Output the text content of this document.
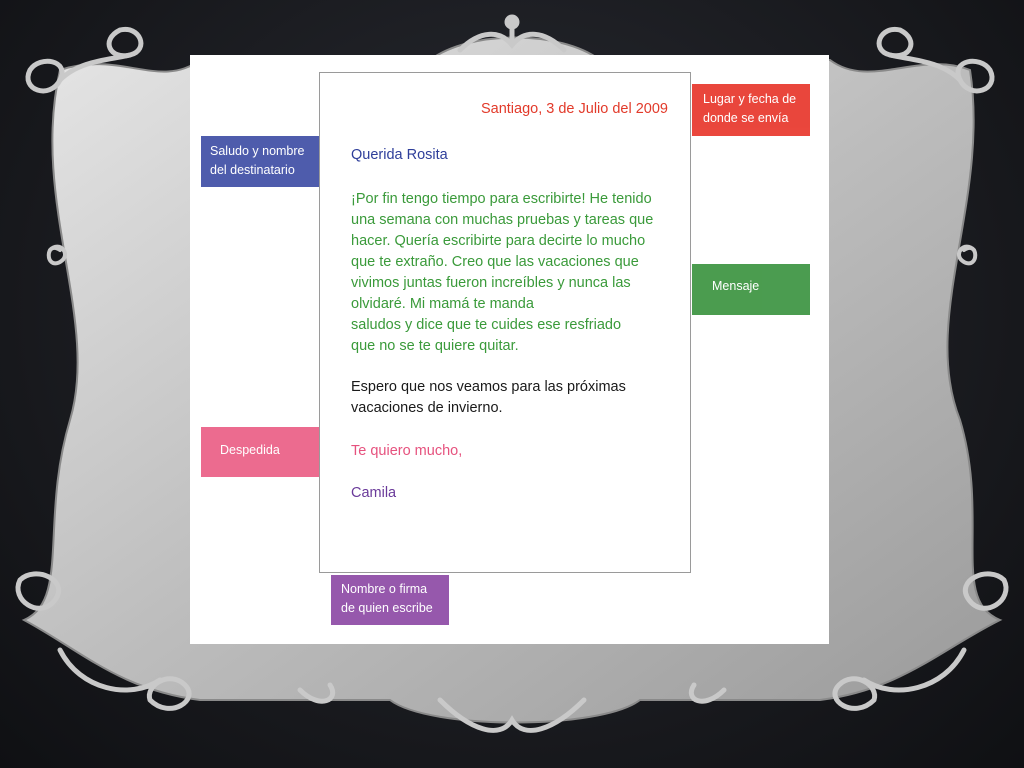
Santiago, 3 de Julio del 2009
Querida Rosita
¡Por fin tengo tiempo para escribirte! He tenido
una semana con muchas pruebas y tareas que
hacer. Quería escribirte para decirte lo mucho
que te extraño. Creo que las vacaciones que
vivimos juntas fueron increíbles y nunca las
olvidaré. Mi mamá te manda
saludos y dice que te cuides ese resfriado
que no se te quiere quitar.
Espero que nos veamos para las próximas
vacaciones de invierno.
Te quiero mucho,
Camila
Saludo y nombre
del destinatario
Lugar y fecha de
donde se envía
Mensaje
Despedida
Nombre o firma
de quien escribe
